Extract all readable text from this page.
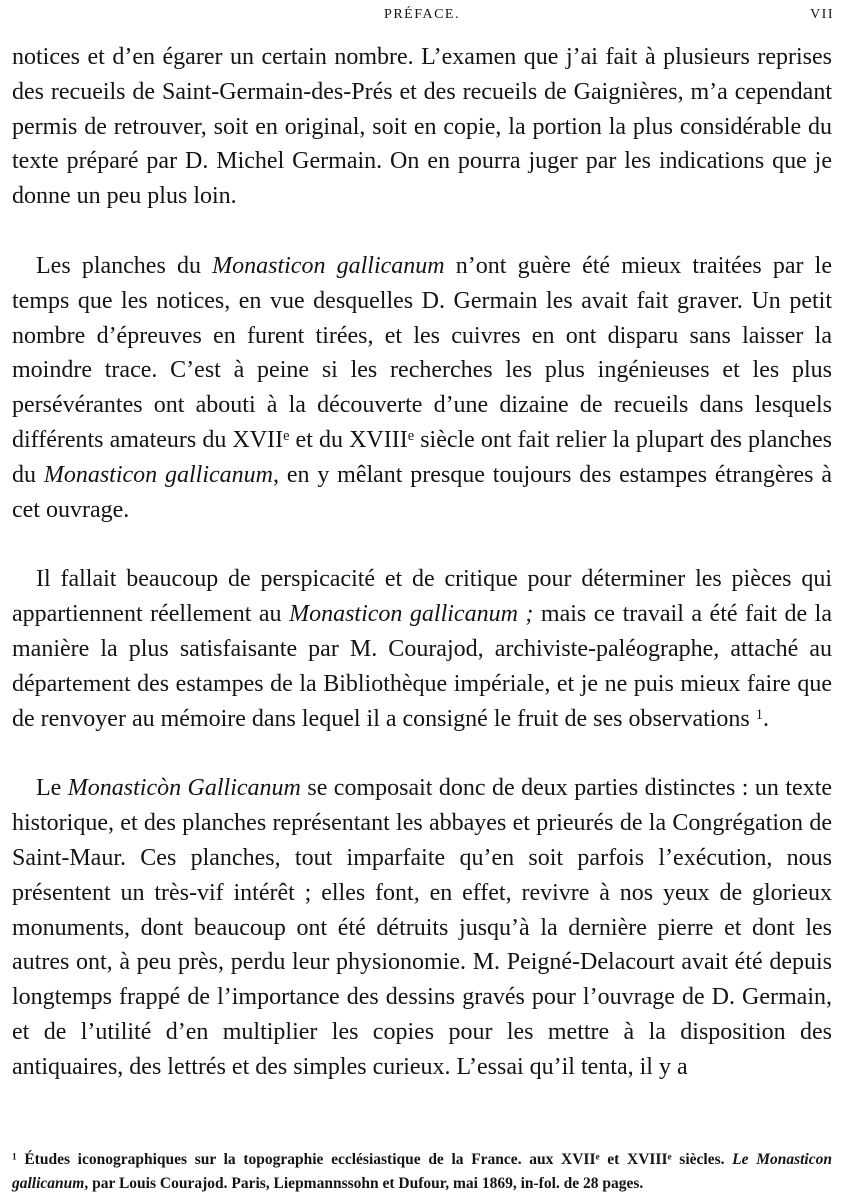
PRÉFACE.	VII

notices et d’en égarer un certain nombre. L’examen que j’ai fait à plusieurs reprises des recueils de Saint-Germain-des-Prés et des recueils de Gaignières, m’a cependant permis de retrouver, soit en original, soit en copie, la portion la plus considérable du texte préparé par D. Michel Germain. On en pourra juger par les indications que je donne un peu plus loin.

Les planches du Monasticon gallicanum n’ont guère été mieux traitées par le temps que les notices, en vue desquelles D. Germain les avait fait graver. Un petit nombre d’épreuves en furent tirées, et les cuivres en ont disparu sans laisser la moindre trace. C’est à peine si les recherches les plus ingénieuses et les plus persévérantes ont abouti à la découverte d’une dizaine de recueils dans lesquels différents amateurs du XVIIe et du XVIIIe siècle ont fait relier la plupart des planches du Monasticon gallicanum, en y mêlant presque toujours des estampes étrangères à cet ouvrage.

Il fallait beaucoup de perspicacité et de critique pour déterminer les pièces qui appartiennent réellement au Monasticon gallicanum ; mais ce travail a été fait de la manière la plus satisfaisante par M. Courajod, archiviste-paléographe, attaché au département des estampes de la Bibliothèque impériale, et je ne puis mieux faire que de renvoyer au mémoire dans lequel il a consigné le fruit de ses observations $^1$.

Le Monasticòn Gallicanum se composait donc de deux parties distinctes : un texte historique, et des planches représentant les abbayes et prieurés de la Congrégation de Saint-Maur. Ces planches, tout imparfaite qu’en soit parfois l’exécution, nous présentent un très-vif intérêt ; elles font, en effet, revivre à nos yeux de glorieux monuments, dont beaucoup ont été détruits jusqu’à la dernière pierre et dont les autres ont, à peu près, perdu leur physionomie. M. Peigné-Delacourt avait été depuis longtemps frappé de l’importance des dessins gravés pour l’ouvrage de D. Germain, et de l’utilité d’en multiplier les copies pour les mettre à la disposition des antiquaires, des lettrés et des simples curieux. L’essai qu’il tenta, il y a

$^1$ Études iconographiques sur la topographie ecclésiastique de la France. aux XVIIe et XVIIIe siècles. Le Monasticon gallicanum, par Louis Courajod. Paris, Liepmannssohn et Dufour, mai 1869, in-fol. de 28 pages.
